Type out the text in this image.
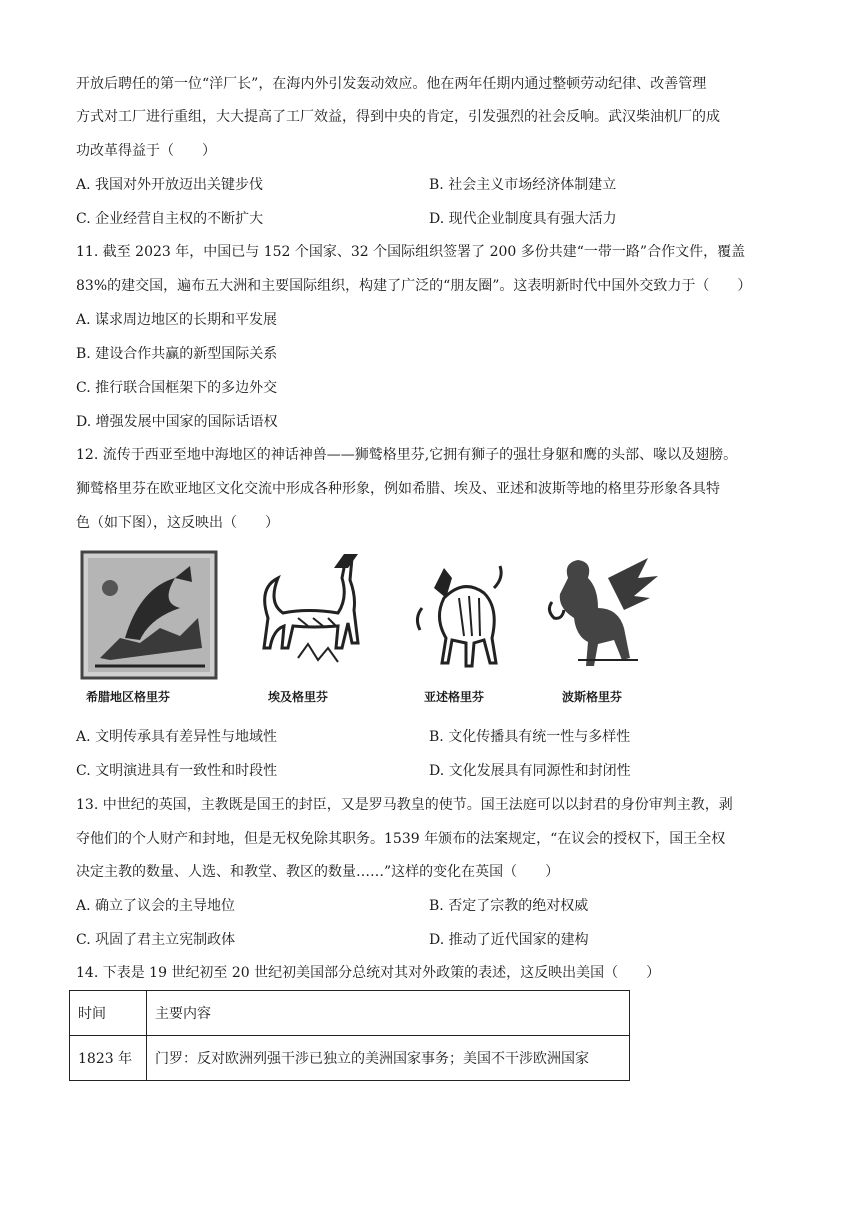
开放后聘任的第一位“洋厂长”，在海内外引发轰动效应。他在两年任期内通过整顿劳动纪律、改善管理
方式对工厂进行重组，大大提高了工厂效益，得到中央的肯定，引发强烈的社会反响。武汉柴油机厂的成
功改革得益于（　　）
A. 我国对外开放迈出关键步伐	B. 社会主义市场经济体制建立
C. 企业经营自主权的不断扩大	D. 现代企业制度具有强大活力
11. 截至 2023 年，中国已与 152 个国家、32 个国际组织签署了 200 多份共建“一带一路”合作文件，覆盖
83%的建交国，遍布五大洲和主要国际组织，构建了广泛的“朋友圈”。这表明新时代中国外交致力于（　　）
A. 谋求周边地区的长期和平发展
B. 建设合作共赢的新型国际关系
C. 推行联合国框架下的多边外交
D. 增强发展中国家的国际话语权
12. 流传于西亚至地中海地区的神话神兽——狮鹫格里芬,它拥有狮子的强壮身躯和鹰的头部、喙以及翅膀。
狮鹫格里芬在欧亚地区文化交流中形成各种形象，例如希腊、埃及、亚述和波斯等地的格里芬形象各具特
色（如下图），这反映出（　　）
希腊地区格里芬	埃及格里芬	亚述格里芬	波斯格里芬
A. 文明传承具有差异性与地域性	B. 文化传播具有统一性与多样性
C. 文明演进具有一致性和时段性	D. 文化发展具有同源性和封闭性
13. 中世纪的英国，主教既是国王的封臣，又是罗马教皇的使节。国王法庭可以以封君的身份审判主教，剥
夺他们的个人财产和封地，但是无权免除其职务。1539 年颁布的法案规定，“在议会的授权下，国王全权
决定主教的数量、人选、和教堂、教区的数量……”这样的变化在英国（　　）
A. 确立了议会的主导地位	B. 否定了宗教的绝对权威
C. 巩固了君主立宪制政体	D. 推动了近代国家的建构
14. 下表是 19 世纪初至 20 世纪初美国部分总统对其对外政策的表述，这反映出美国（　　）
时间	主要内容
1823 年	门罗：反对欧洲列强干涉已独立的美洲国家事务；美国不干涉欧洲国家
